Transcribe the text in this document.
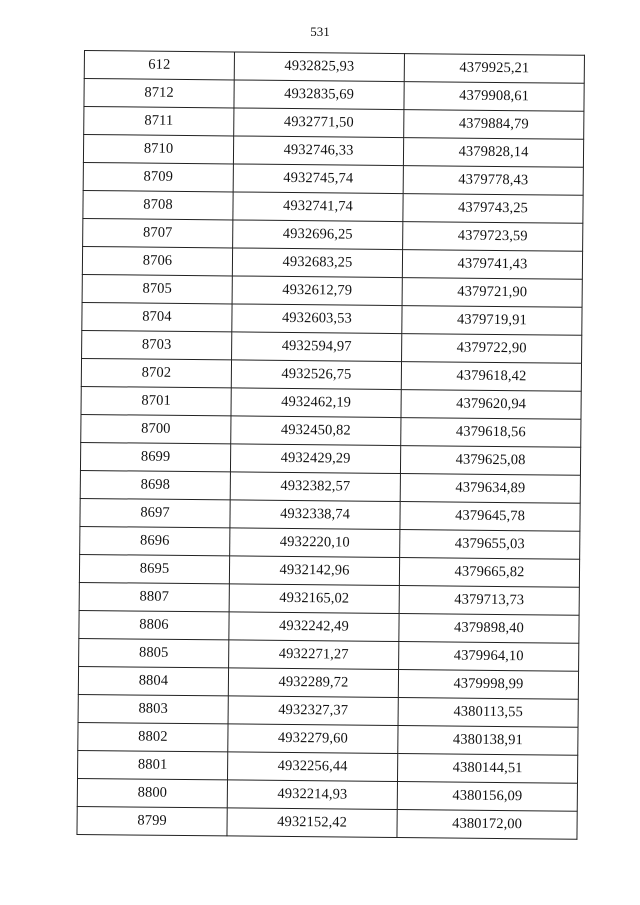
531
612	4932825,93	4379925,21
8712	4932835,69	4379908,61
8711	4932771,50	4379884,79
8710	4932746,33	4379828,14
8709	4932745,74	4379778,43
8708	4932741,74	4379743,25
8707	4932696,25	4379723,59
8706	4932683,25	4379741,43
8705	4932612,79	4379721,90
8704	4932603,53	4379719,91
8703	4932594,97	4379722,90
8702	4932526,75	4379618,42
8701	4932462,19	4379620,94
8700	4932450,82	4379618,56
8699	4932429,29	4379625,08
8698	4932382,57	4379634,89
8697	4932338,74	4379645,78
8696	4932220,10	4379655,03
8695	4932142,96	4379665,82
8807	4932165,02	4379713,73
8806	4932242,49	4379898,40
8805	4932271,27	4379964,10
8804	4932289,72	4379998,99
8803	4932327,37	4380113,55
8802	4932279,60	4380138,91
8801	4932256,44	4380144,51
8800	4932214,93	4380156,09
8799	4932152,42	4380172,00
